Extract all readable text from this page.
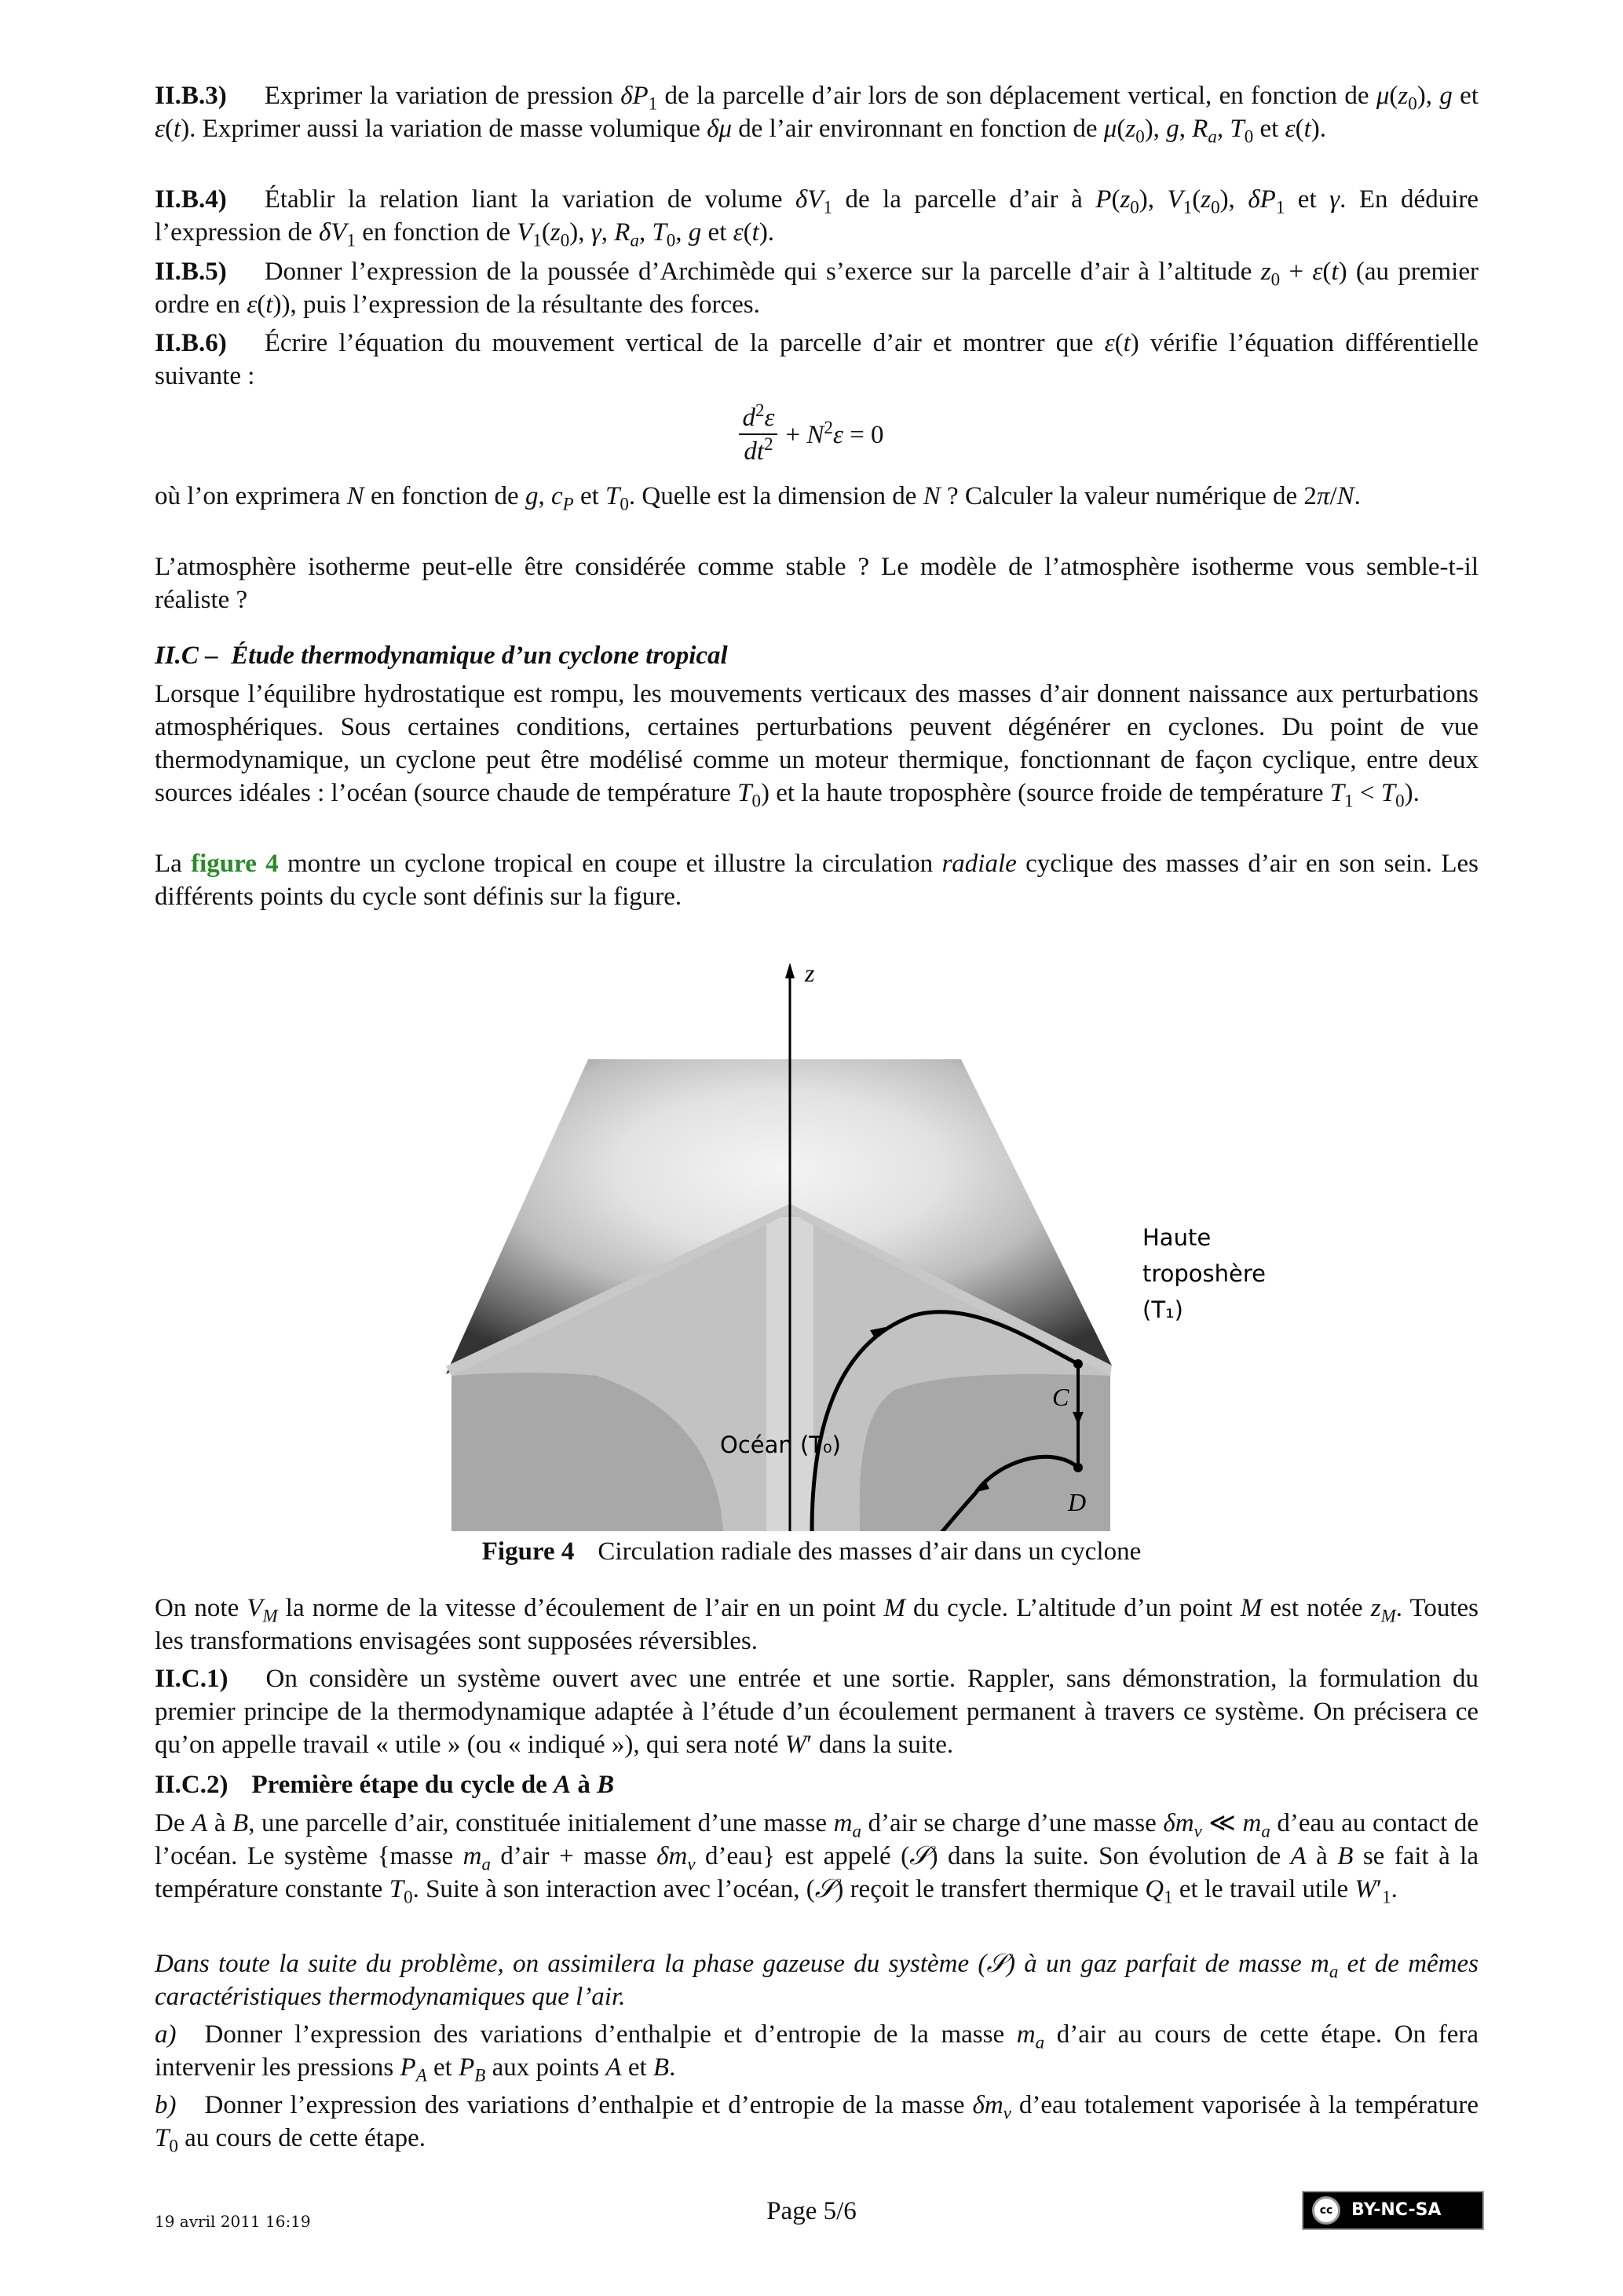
II.B.3) Exprimer la variation de pression $\delta P_1$ de la parcelle d’air lors de son déplacement vertical, en fonction de $\mu(z_0)$, g et ε(t). Exprimer aussi la variation de masse volumique δμ de l’air environnant en fonction de $\mu(z_0)$, g, $R_a$, $T_0$ et ε(t).
II.B.4) Établir la relation liant la variation de volume $\delta V_1$ de la parcelle d’air à $P(z_0)$, $V_1(z_0)$, $\delta P_1$ et γ. En déduire l’expression de $\delta V_1$ en fonction de $V_1(z_0)$, γ, $R_a$, $T_0$, g et ε(t).
II.B.5) Donner l’expression de la poussée d’Archimède qui s’exerce sur la parcelle d’air à l’altitude $z_0 + \varepsilon(t)$ (au premier ordre en ε(t)), puis l’expression de la résultante des forces.
II.B.6) Écrire l’équation du mouvement vertical de la parcelle d’air et montrer que ε(t) vérifie l’équation différentielle suivante :
$\frac{d^2\varepsilon}{dt^2} + N^2\varepsilon = 0$
où l’on exprimera N en fonction de g, $c_P$ et $T_0$. Quelle est la dimension de N ? Calculer la valeur numérique de 2π/N.
L’atmosphère isotherme peut-elle être considérée comme stable ? Le modèle de l’atmosphère isotherme vous semble-t-il réaliste ?
II.C –  Étude thermodynamique d’un cyclone tropical
Lorsque l’équilibre hydrostatique est rompu, les mouvements verticaux des masses d’air donnent naissance aux perturbations atmosphériques. Sous certaines conditions, certaines perturbations peuvent dégénérer en cyclones. Du point de vue thermodynamique, un cyclone peut être modélisé comme un moteur thermique, fonctionnant de façon cyclique, entre deux sources idéales : l’océan (source chaude de température $T_0$) et la haute troposphère (source froide de température $T_1 < T_0$).
La figure 4 montre un cyclone tropical en coupe et illustre la circulation radiale cyclique des masses d’air en son sein. Les différents points du cycle sont définis sur la figure.
z
C
D
Haute
troposhère
(T₁)
Océan (T₀)
Figure 4 Circulation radiale des masses d’air dans un cyclone
On note $V_M$ la norme de la vitesse d’écoulement de l’air en un point M du cycle. L’altitude d’un point M est notée $z_M$. Toutes les transformations envisagées sont supposées réversibles.
II.C.1) On considère un système ouvert avec une entrée et une sortie. Rappler, sans démonstration, la formulation du premier principe de la thermodynamique adaptée à l’étude d’un écoulement permanent à travers ce système. On précisera ce qu’on appelle travail « utile » (ou « indiqué »), qui sera noté W′ dans la suite.
II.C.2) Première étape du cycle de A à B
De A à B, une parcelle d’air, constituée initialement d’une masse $m_a$ d’air se charge d’une masse $\delta m_v$ ≪ $m_a$ d’eau au contact de l’océan. Le système {masse $m_a$ d’air + masse $\delta m_v$ d’eau} est appelé (𝒮) dans la suite. Son évolution de A à B se fait à la température constante $T_0$. Suite à son interaction avec l’océan, (𝒮) reçoit le transfert thermique $Q_1$ et le travail utile $W'_1$.
Dans toute la suite du problème, on assimilera la phase gazeuse du système (𝒮) à un gaz parfait de masse $m_a$ et de mêmes caractéristiques thermodynamiques que l’air.
a) Donner l’expression des variations d’enthalpie et d’entropie de la masse $m_a$ d’air au cours de cette étape. On fera intervenir les pressions $P_A$ et $P_B$ aux points A et B.
b) Donner l’expression des variations d’enthalpie et d’entropie de la masse $\delta m_v$ d’eau totalement vaporisée à la température $T_0$ au cours de cette étape.
19 avril 2011 16:19	Page 5/6	cc	BY-NC-SA
